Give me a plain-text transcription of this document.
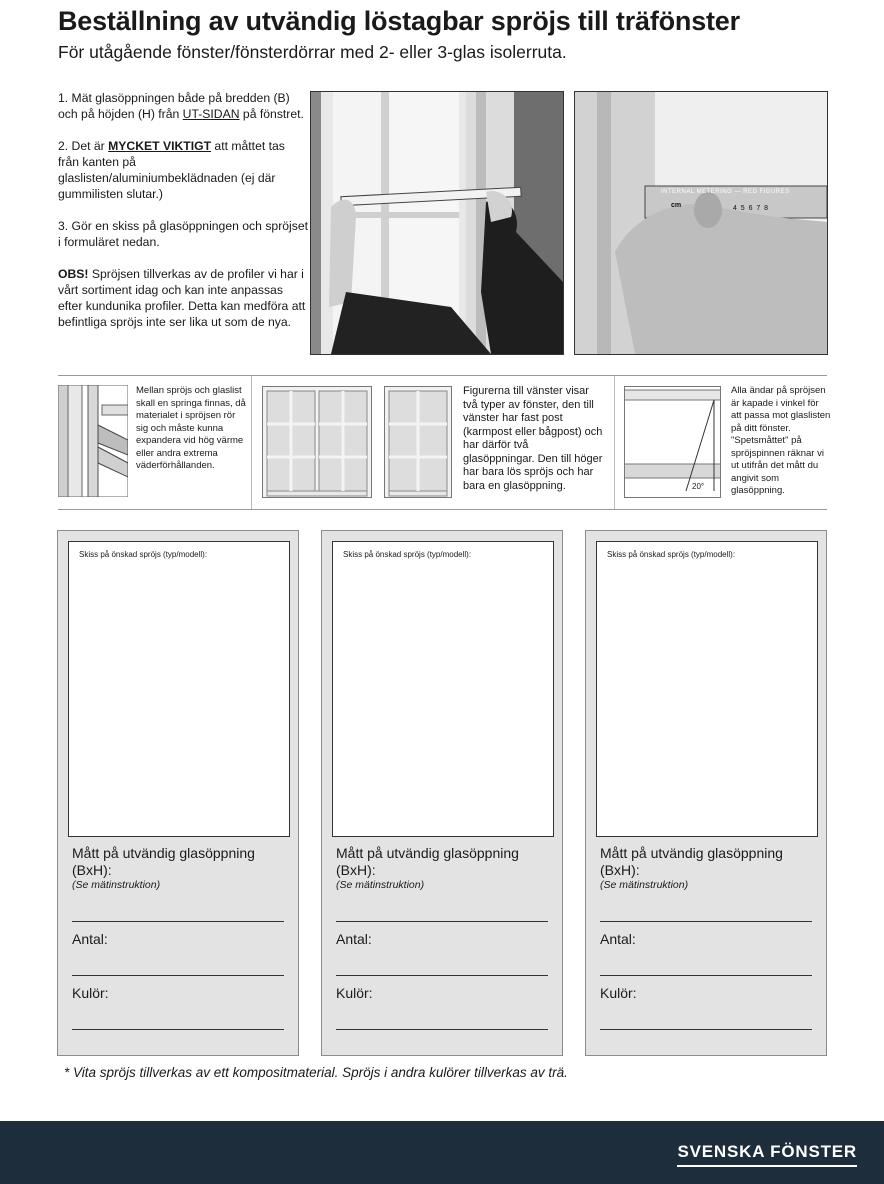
Beställning av utvändig löstagbar spröjs till träfönster
För utågående fönster/fönsterdörrar med 2- eller 3-glas isolerruta.

1. Mät glasöppningen både på bredden (B) och på höjden (H) från UT-SIDAN på fönstret.

2. Det är MYCKET VIKTIGT att måttet tas från kanten på glaslisten/aluminiumbeklädnaden (ej där gummilisten slutar.)

3. Gör en skiss på glasöppningen och spröjset i formuläret nedan.

OBS! Spröjsen tillverkas av de profiler vi har i vårt sortiment idag och kan inte anpassas efter kundunika profiler. Detta kan medföra att befintliga spröjs inte ser lika ut som de nya.

INTERNAL METERING — RED FIGURES
cm	4  5  6  7  8
Mellan spröjs och glaslist skall en springa finnas, då materialet i spröjsen rör sig och måste kunna expandera vid hög värme eller andra extrema väderförhållanden.
Figurerna till vänster visar två typer av fönster, den till vänster har fast post (karmpost eller bågpost) och har därför två glasöppningar. Den till höger har bara lös spröjs och har bara en glasöppning.	20°
Alla ändar på spröjsen är kapade i vinkel för att passa mot glaslisten på ditt fönster. "Spetsmåttet" på spröjspinnen räknar vi ut utifrån det mått du angivit som glasöppning.
Skiss på önskad spröjs (typ/modell):
Mått på utvändig glasöppning (BxH):
(Se mätinstruktion)
Antal:
Kulör:
Skiss på önskad spröjs (typ/modell):
Mått på utvändig glasöppning (BxH):
(Se mätinstruktion)
Antal:
Kulör:
Skiss på önskad spröjs (typ/modell):
Mått på utvändig glasöppning (BxH):
(Se mätinstruktion)
Antal:
Kulör:
* Vita spröjs tillverkas av ett kompositmaterial. Spröjs i andra kulörer tillverkas av trä.
SVENSKA FÖNSTER
